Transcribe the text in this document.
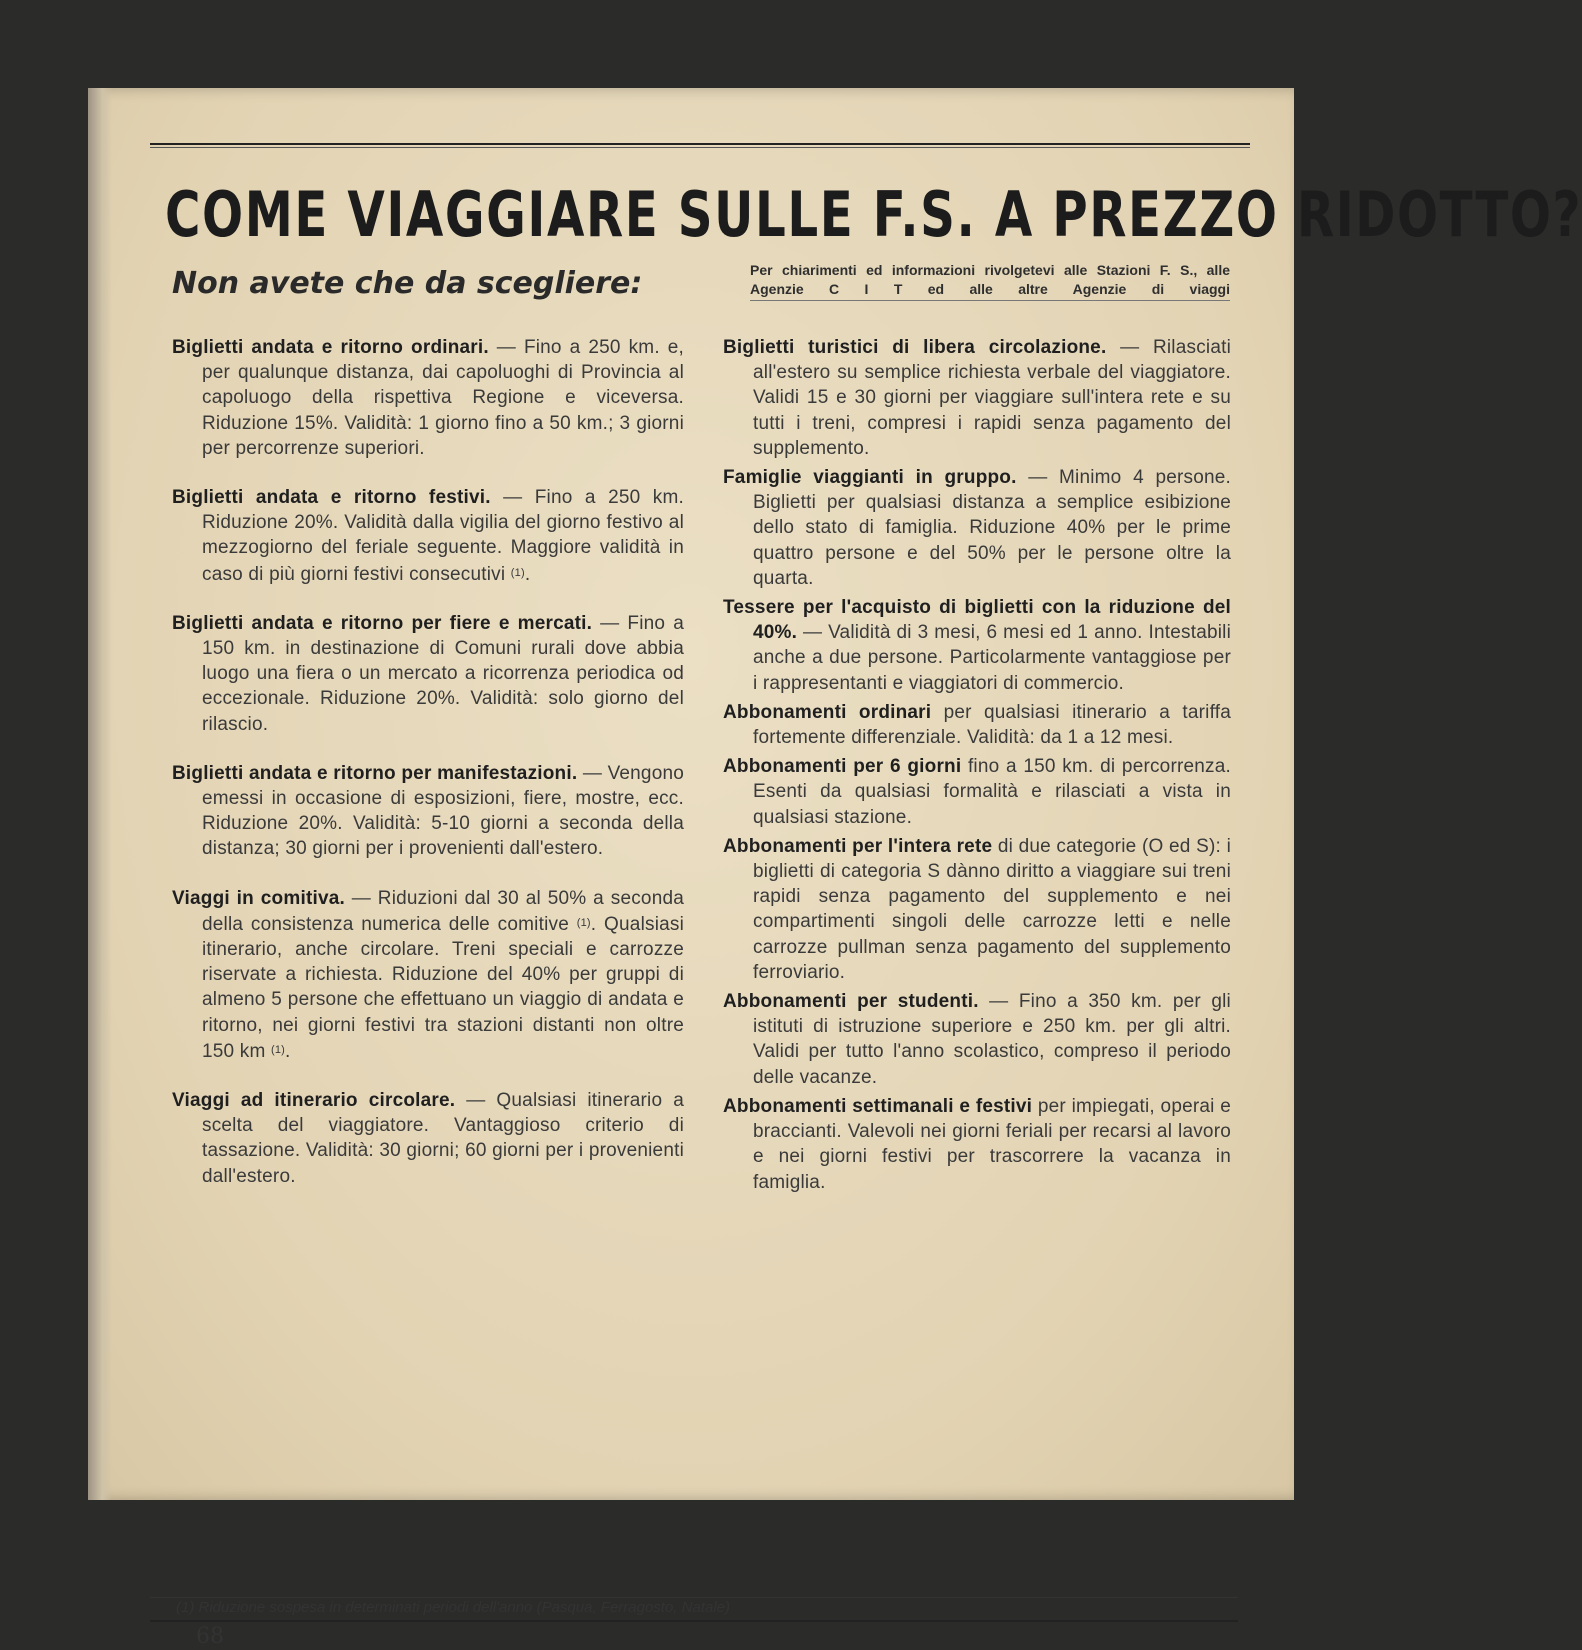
COME VIAGGIARE SULLE F.S. A PREZZO RIDOTTO?

Non avete che da scegliere:	Per chiarimenti ed informazioni rivolgetevi alle Stazioni F. S., alle Agenzie C I T ed alle altre Agenzie di viaggi

Biglietti andata e ritorno ordinari. — Fino a 250 km. e, per qualunque distanza, dai capoluoghi di Provincia al capoluogo della rispettiva Regione e viceversa. Riduzione 15%. Validità: 1 giorno fino a 50 km.; 3 giorni per percorrenze superiori.

Biglietti andata e ritorno festivi. — Fino a 250 km. Riduzione 20%. Validità dalla vigilia del giorno festivo al mezzogiorno del feriale seguente. Maggiore validità in caso di più giorni festivi consecutivi $^{(1)}$.

Biglietti andata e ritorno per fiere e mercati. — Fino a 150 km. in destinazione di Comuni rurali dove abbia luogo una fiera o un mercato a ricorrenza periodica od eccezionale. Riduzione 20%. Validità: solo giorno del rilascio.

Biglietti andata e ritorno per manifestazioni. — Vengono emessi in occasione di esposizioni, fiere, mostre, ecc. Riduzione 20%. Validità: 5-10 giorni a seconda della distanza; 30 giorni per i provenienti dall'estero.

Viaggi in comitiva. — Riduzioni dal 30 al 50% a seconda della consistenza numerica delle comitive $^{(1)}$. Qualsiasi itinerario, anche circolare. Treni speciali e carrozze riservate a richiesta. Riduzione del 40% per gruppi di almeno 5 persone che effettuano un viaggio di andata e ritorno, nei giorni festivi tra stazioni distanti non oltre 150 km $^{(1)}$.

Viaggi ad itinerario circolare. — Qualsiasi itinerario a scelta del viaggiatore. Vantaggioso criterio di tassazione. Validità: 30 giorni; 60 giorni per i provenienti dall'estero.

Biglietti turistici di libera circolazione. — Rilasciati all'estero su semplice richiesta verbale del viaggiatore. Validi 15 e 30 giorni per viaggiare sull'intera rete e su tutti i treni, compresi i rapidi senza pagamento del supplemento.

Famiglie viaggianti in gruppo. — Minimo 4 persone. Biglietti per qualsiasi distanza a semplice esibizione dello stato di famiglia. Riduzione 40% per le prime quattro persone e del 50% per le persone oltre la quarta.

Tessere per l'acquisto di biglietti con la riduzione del 40%. — Validità di 3 mesi, 6 mesi ed 1 anno. Intestabili anche a due persone. Particolarmente vantaggiose per i rappresentanti e viaggiatori di commercio.

Abbonamenti ordinari per qualsiasi itinerario a tariffa fortemente differenziale. Validità: da 1 a 12 mesi.

Abbonamenti per 6 giorni fino a 150 km. di percorrenza. Esenti da qualsiasi formalità e rilasciati a vista in qualsiasi stazione.

Abbonamenti per l'intera rete di due categorie (O ed S): i biglietti di categoria S dànno diritto a viaggiare sui treni rapidi senza pagamento del supplemento e nei compartimenti singoli delle carrozze letti e nelle carrozze pullman senza pagamento del supplemento ferroviario.

Abbonamenti per studenti. — Fino a 350 km. per gli istituti di istruzione superiore e 250 km. per gli altri. Validi per tutto l'anno scolastico, compreso il periodo delle vacanze.

Abbonamenti settimanali e festivi per impiegati, operai e braccianti. Valevoli nei giorni feriali per recarsi al lavoro e nei giorni festivi per trascorrere la vacanza in famiglia.

(1) Riduzione sospesa in determinati periodi dell'anno (Pasqua, Ferragosto, Natale)

68
